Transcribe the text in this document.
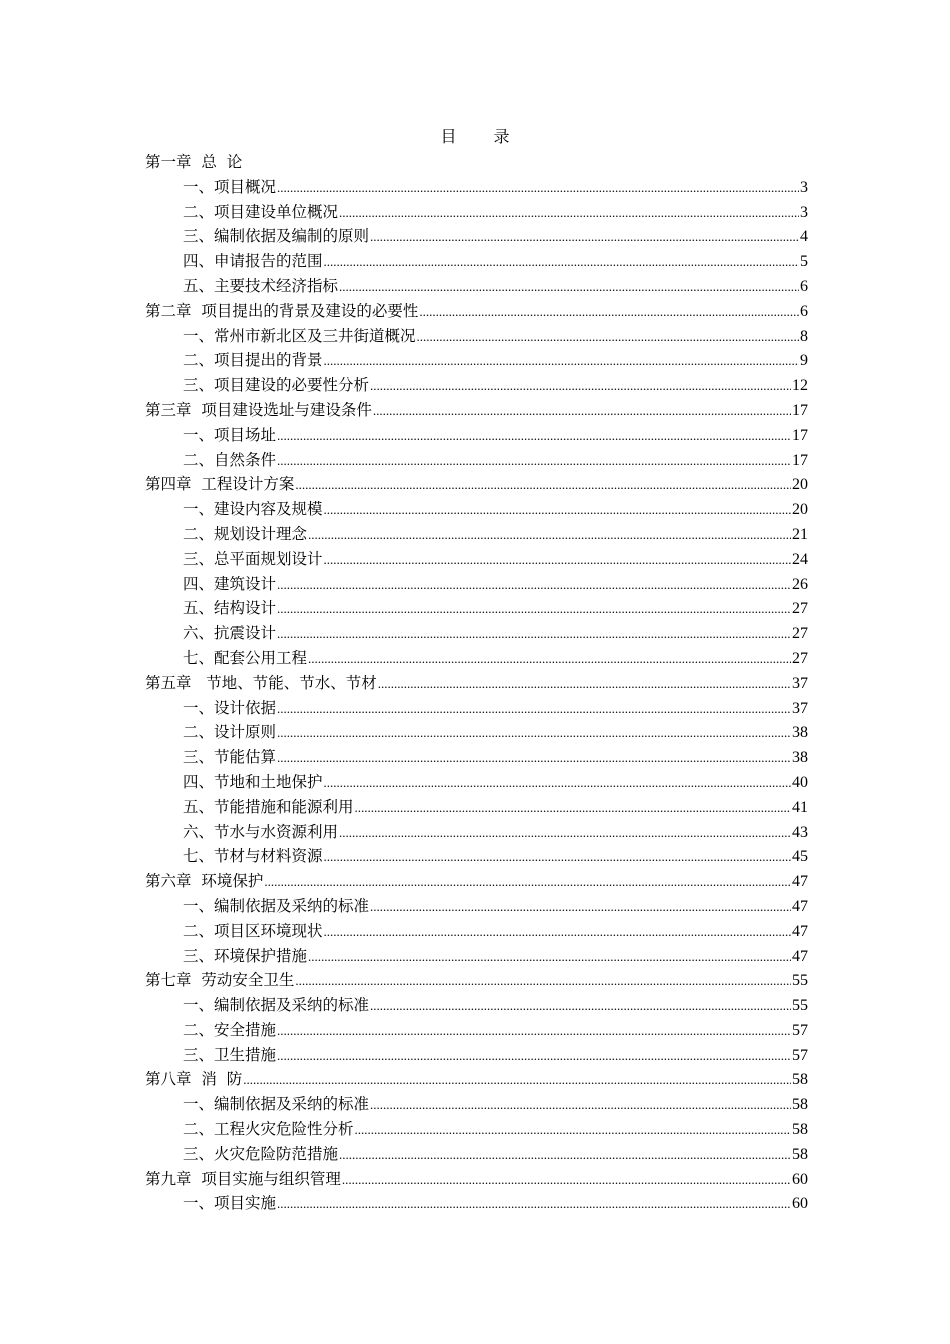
目 录
第一章  总  论
一、项目概况 .....	3
二、项目建设单位概况 .....	3
三、编制依据及编制的原则 .....	4
四、申请报告的范围 .....	5
五、主要技术经济指标 .....	6
第二章  项目提出的背景及建设的必要性 .....	6
一、常州市新北区及三井街道概况 .....	8
二、项目提出的背景 .....	9
三、项目建设的必要性分析 .....	12
第三章  项目建设选址与建设条件 .....	17
一、项目场址 .....	17
二、自然条件 .....	17
第四章  工程设计方案 .....	20
一、建设内容及规模 .....	20
二、规划设计理念 .....	21
三、总平面规划设计 .....	24
四、建筑设计 .....	26
五、结构设计 .....	27
六、抗震设计 .....	27
七、配套公用工程 .....	27
第五章   节地、节能、节水、节材 .....	37
一、设计依据 .....	37
二、设计原则 .....	38
三、节能估算 .....	38
四、节地和土地保护 .....	40
五、节能措施和能源利用 .....	41
六、节水与水资源利用 .....	43
七、节材与材料资源 .....	45
第六章  环境保护 .....	47
一、编制依据及采纳的标准 .....	47
二、项目区环境现状 .....	47
三、环境保护措施 .....	47
第七章  劳动安全卫生 .....	55
一、编制依据及采纳的标准 .....	55
二、安全措施 .....	57
三、卫生措施 .....	57
第八章  消  防 .....	58
一、编制依据及采纳的标准 .....	58
二、工程火灾危险性分析 .....	58
三、火灾危险防范措施 .....	58
第九章  项目实施与组织管理 .....	60
一、项目实施 .....	60
